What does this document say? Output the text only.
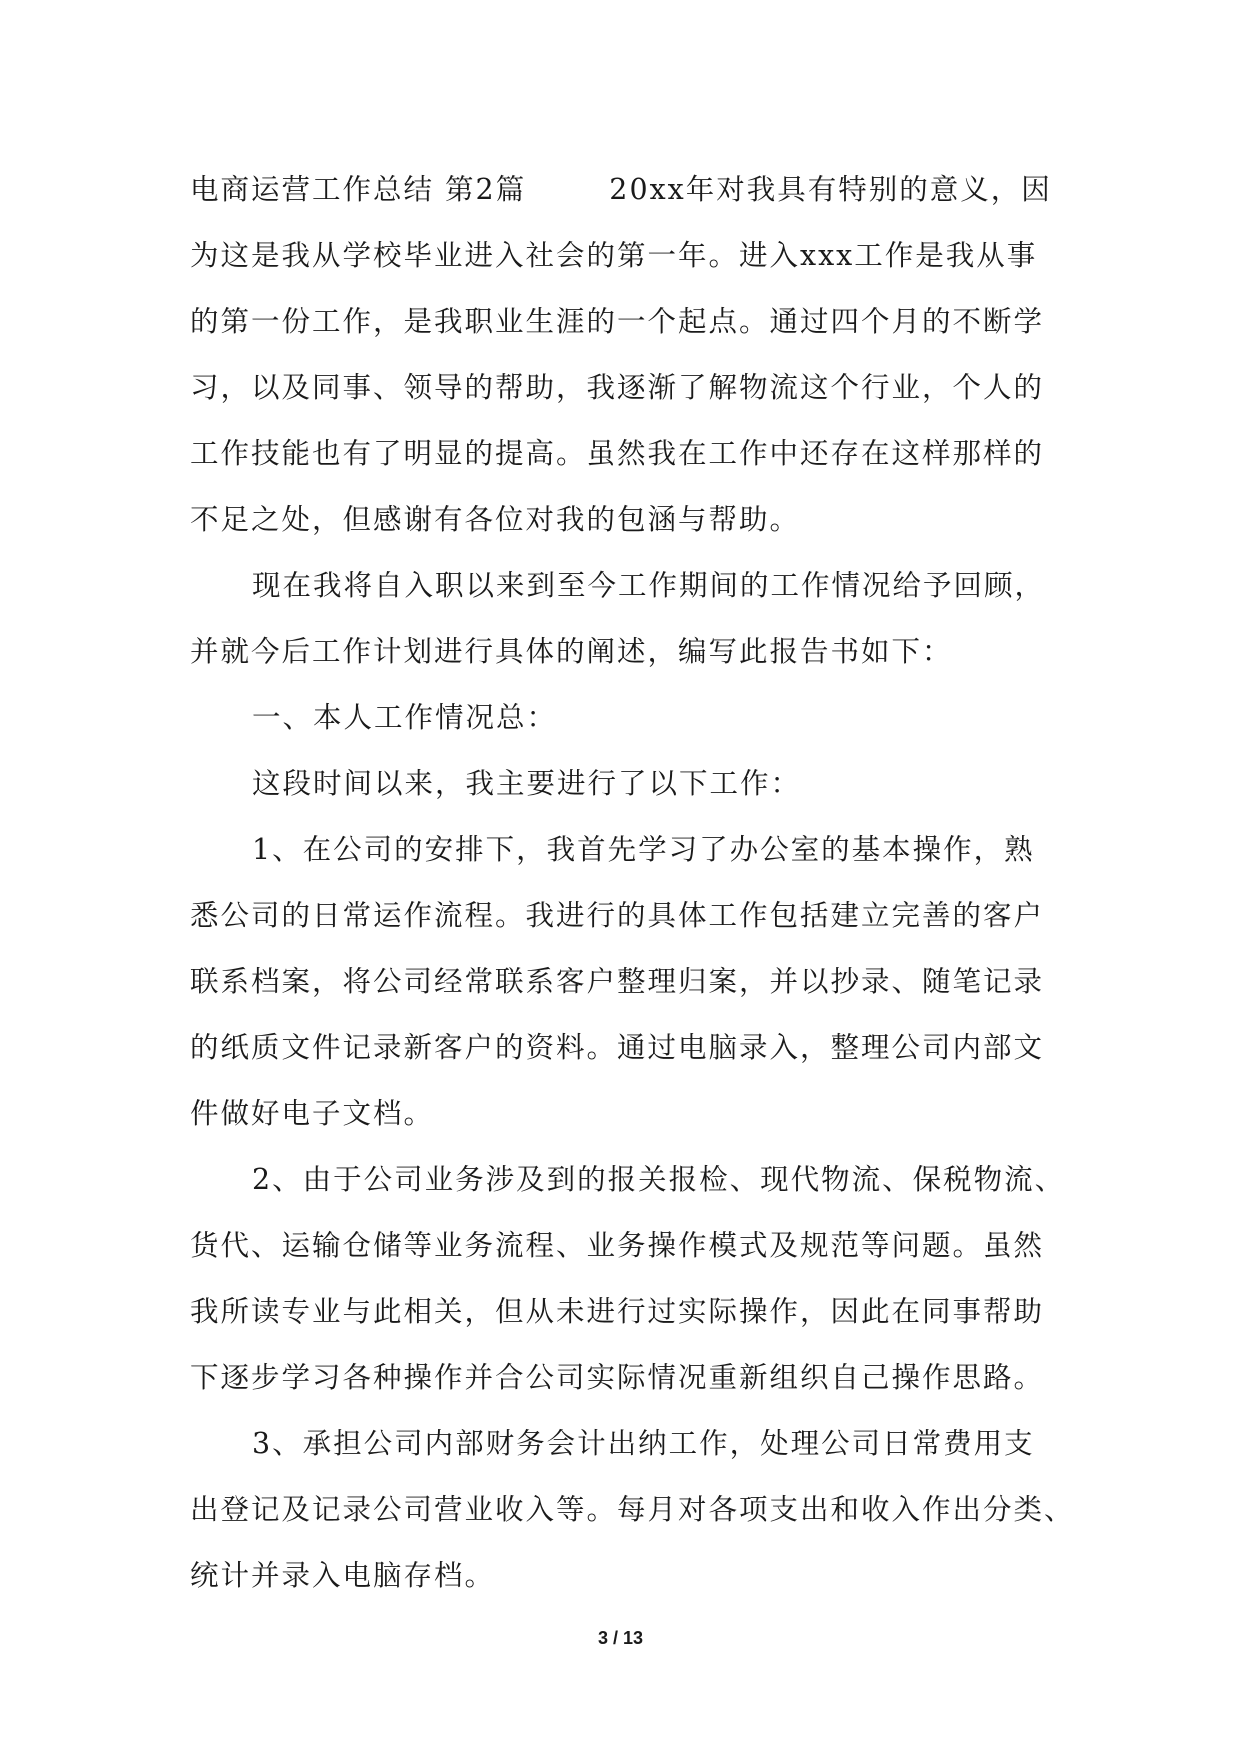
电商运营工作总结 第2篇 　　 20xx年对我具有特别的意义，因
为这是我从学校毕业进入社会的第一年。进入xxx工作是我从事
的第一份工作，是我职业生涯的一个起点。通过四个月的不断学
习，以及同事、领导的帮助，我逐渐了解物流这个行业，个人的
工作技能也有了明显的提高。虽然我在工作中还存在这样那样的
不足之处，但感谢有各位对我的包涵与帮助。
现在我将自入职以来到至今工作期间的工作情况给予回顾，
并就今后工作计划进行具体的阐述，编写此报告书如下：
一、本人工作情况总：
这段时间以来，我主要进行了以下工作：
1、在公司的安排下，我首先学习了办公室的基本操作，熟
悉公司的日常运作流程。我进行的具体工作包括建立完善的客户
联系档案，将公司经常联系客户整理归案，并以抄录、随笔记录
的纸质文件记录新客户的资料。通过电脑录入，整理公司内部文
件做好电子文档。
2、由于公司业务涉及到的报关报检、现代物流、保税物流、
货代、运输仓储等业务流程、业务操作模式及规范等问题。虽然
我所读专业与此相关，但从未进行过实际操作，因此在同事帮助
下逐步学习各种操作并合公司实际情况重新组织自己操作思路。
3、承担公司内部财务会计出纳工作，处理公司日常费用支
出登记及记录公司营业收入等。每月对各项支出和收入作出分类、
统计并录入电脑存档。
3 / 13
